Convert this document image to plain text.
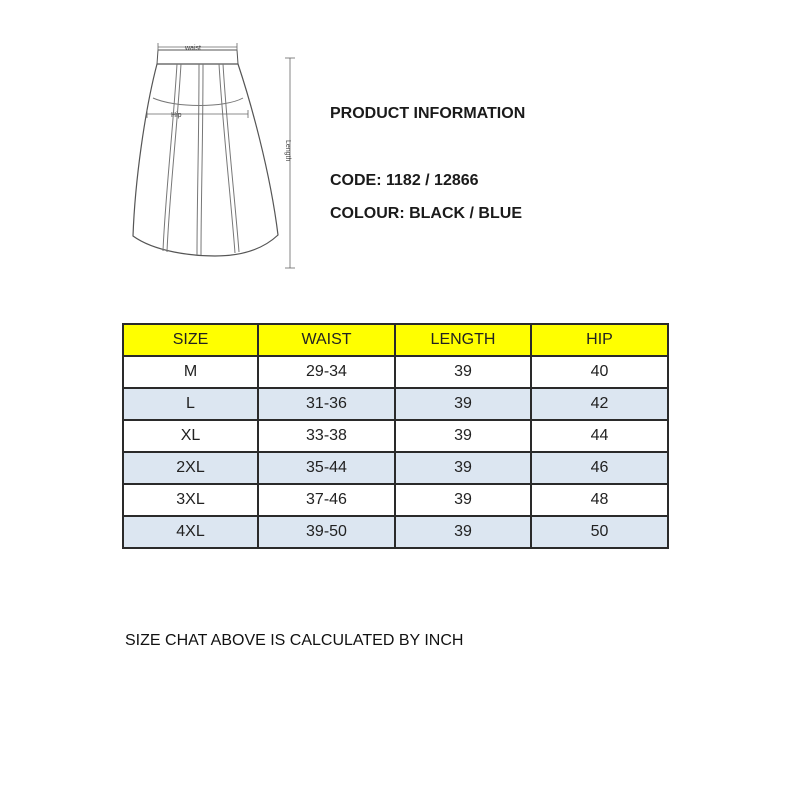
waist
Hip
Length
PRODUCT INFORMATION
CODE: 1182 / 12866
COLOUR: BLACK / BLUE
SIZE	WAIST	LENGTH	HIP
M	29-34	39	40
L	31-36	39	42
XL	33-38	39	44
2XL	35-44	39	46
3XL	37-46	39	48
4XL	39-50	39	50
SIZE CHAT ABOVE IS CALCULATED BY INCH
